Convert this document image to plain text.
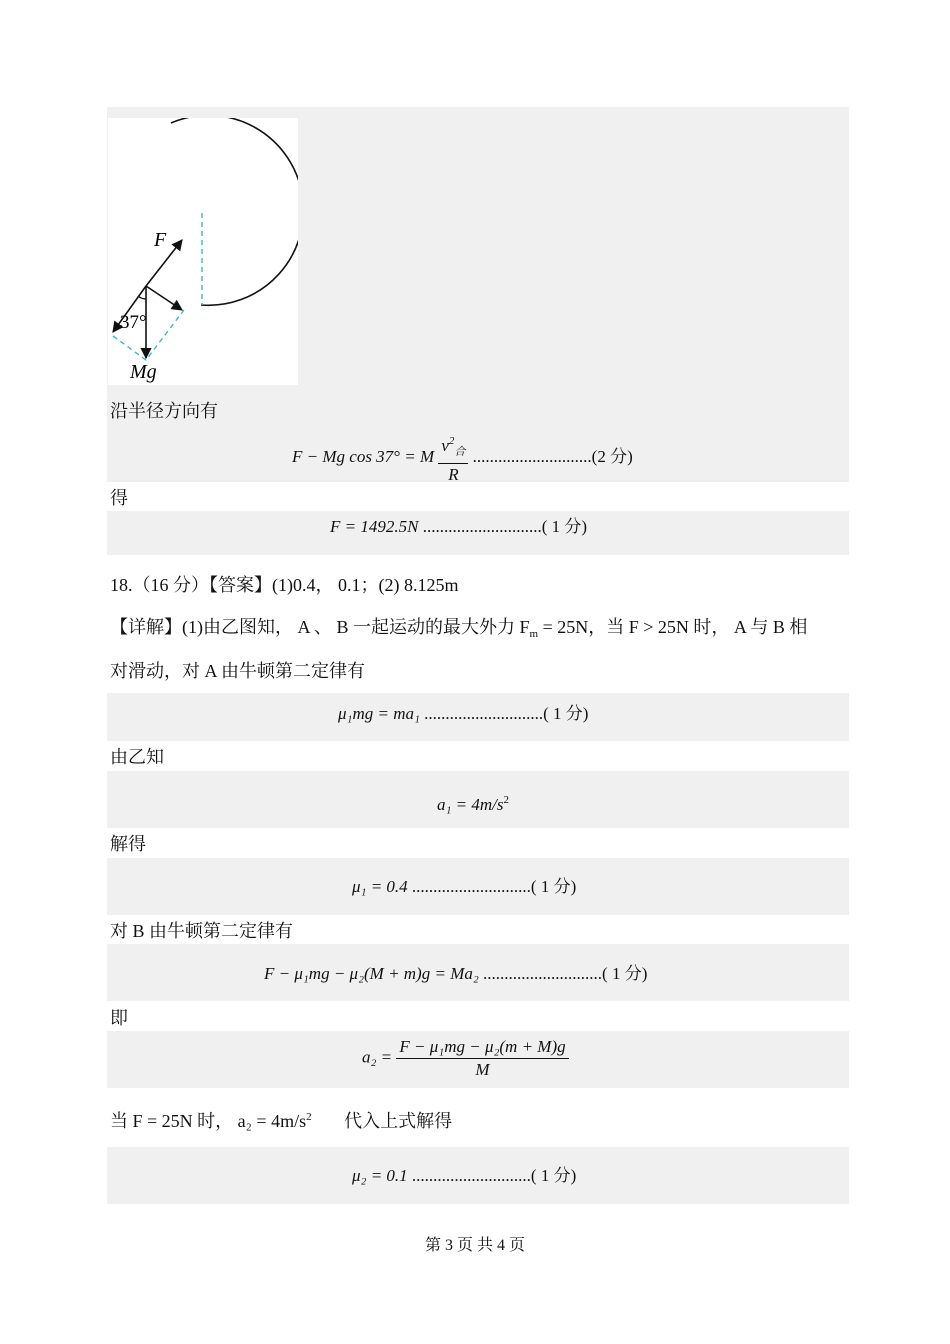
F
37°
Mg
沿半径方向有
F − Mg cos 37° = M $\frac{v^2_合}{R} ............................(2$ 分)
得
F = 1492.5N ............................( 1 分)
18.（16 分）【答案】(1)0.4， 0.1；(2) 8.125m
【详解】(1)由乙图知， A 、 B 一起运动的最大外力 $F_m = 25N$，当 F > 25N 时， A 与 B 相
对滑动，对 A 由牛顿第二定律有
μ₁mg = ma₁ ............................( 1 分)
由乙知
$a_1 = 4m/s^2$
解得
μ₁ = 0.4 ............................( 1 分)
对 B 由牛顿第二定律有
F − μ₁mg − μ₂(M + m)g = Ma₂ ............................( 1 分)
即
$a_2 = \frac{\text{F − μ₁mg − μ₂(m + M)g}}{M}$
当 F = 25N 时， $a_2 = 4m/s^2$ 代入上式解得
μ₂ = 0.1 ............................( 1 分)
第 3 页 共 4 页
